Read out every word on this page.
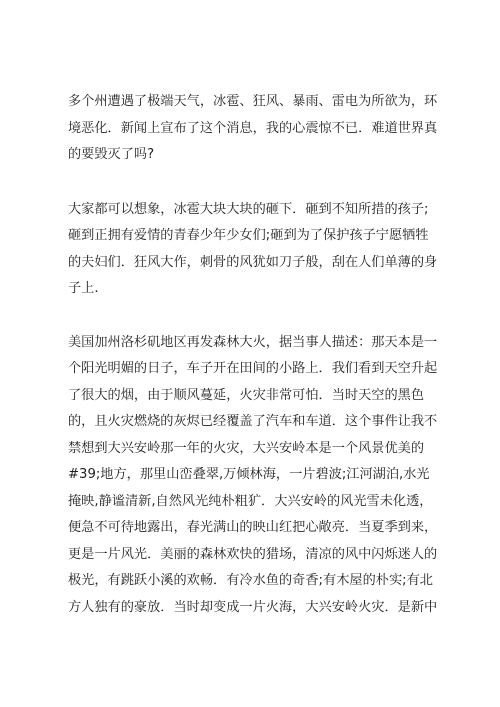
多个州遭遇了极端天气，冰雹、狂风、暴雨、雷电为所欲为，环
境恶化．新闻上宣布了这个消息，我的心震惊不已．难道世界真
的要毁灭了吗?

大家都可以想象，冰雹大块大块的砸下．砸到不知所措的孩子;
砸到正拥有爱情的青春少年少女们;砸到为了保护孩子宁愿牺牲
的夫妇们．狂风大作，刺骨的风犹如刀子般，刮在人们单薄的身
子上.

美国加州洛杉矶地区再发森林大火，据当事人描述：那天本是一
个阳光明媚的日子，车子开在田间的小路上．我们看到天空升起
了很大的烟，由于顺风蔓延，火灾非常可怕．当时天空的黑色
的，且火灾燃烧的灰烬已经覆盖了汽车和车道．这个事件让我不
禁想到大兴安岭那一年的火灾，大兴安岭本是一个风景优美的
#39;地方，那里山峦叠翠,万倾林海，一片碧波;江河湖泊,水光
掩映,静谧清新,自然风光纯朴粗犷．大兴安岭的风光雪未化透，
便急不可待地露出，春光满山的映山红把心敞亮．当夏季到来，
更是一片风光．美丽的森林欢快的猎场，清凉的风中闪烁迷人的
极光，有跳跃小溪的欢畅．有冷水鱼的奇香;有木屋的朴实;有北
方人独有的豪放．当时却变成一片火海，大兴安岭火灾．是新中
